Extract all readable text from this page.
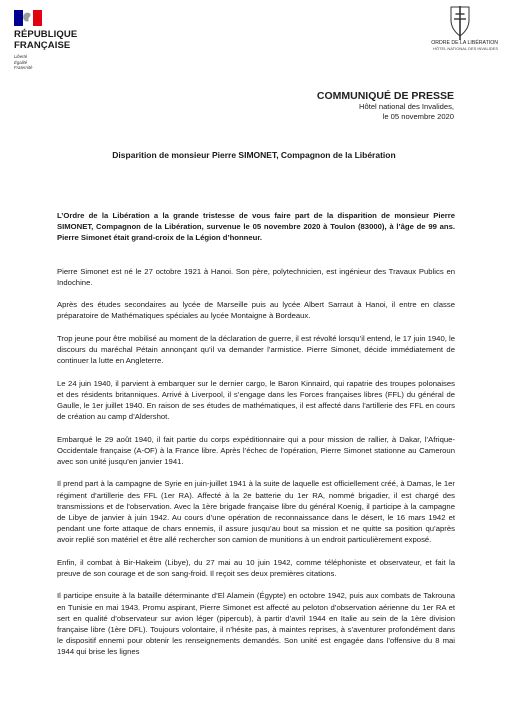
RÉPUBLIQUE
FRANÇAISE
Liberté
Égalité
Fraternité
ORDRE DE LA LIBÉRATION
HÔTEL NATIONAL DES INVALIDES
COMMUNIQUÉ DE PRESSE
Hôtel national des Invalides,
le 05 novembre 2020
Disparition de monsieur Pierre SIMONET, Compagnon de la Libération

L’Ordre de la Libération a la grande tristesse de vous faire part de la disparition de monsieur Pierre SIMONET, Compagnon de la Libération, survenue le 05 novembre 2020 à Toulon (83000), à l’âge de 99 ans. Pierre Simonet était grand-croix de la Légion d’honneur.

Pierre Simonet est né le 27 octobre 1921 à Hanoi. Son père, polytechnicien, est ingénieur des Travaux Publics en Indochine.

Après des études secondaires au lycée de Marseille puis au lycée Albert Sarraut à Hanoi, il entre en classe préparatoire de Mathématiques spéciales au lycée Montaigne à Bordeaux.

Trop jeune pour être mobilisé au moment de la déclaration de guerre, il est révolté lorsqu’il entend, le 17 juin 1940, le discours du maréchal Pétain annonçant qu’il va demander l’armistice. Pierre Simonet, décide immédiatement de continuer la lutte en Angleterre.

Le 24 juin 1940, il parvient à embarquer sur le dernier cargo, le Baron Kinnaird, qui rapatrie des troupes polonaises et des résidents britanniques. Arrivé à Liverpool, il s’engage dans les Forces françaises libres (FFL) du général de Gaulle, le 1er juillet 1940. En raison de ses études de mathématiques, il est affecté dans l’artillerie des FFL en cours de création au camp d’Aldershot.

Embarqué le 29 août 1940, il fait partie du corps expéditionnaire qui a pour mission de rallier, à Dakar, l’Afrique-Occidentale française (A-OF) à la France libre. Après l’échec de l’opération, Pierre Simonet stationne au Cameroun avec son unité jusqu’en janvier 1941.

Il prend part à la campagne de Syrie en juin-juillet 1941 à la suite de laquelle est officiellement créé, à Damas, le 1er régiment d’artillerie des FFL (1er RA). Affecté à la 2e batterie du 1er RA, nommé brigadier, il est chargé des transmissions et de l’observation. Avec la 1ère brigade française libre du général Koenig, il participe à la campagne de Libye de janvier à juin 1942. Au cours d’une opération de reconnaissance dans le désert, le 16 mars 1942 et pendant une forte attaque de chars ennemis, il assure jusqu’au bout sa mission et ne quitte sa position qu’après avoir replié son matériel et être allé rechercher son camion de munitions à un endroit particulièrement exposé.

Enfin, il combat à Bir-Hakeim (Libye), du 27 mai au 10 juin 1942, comme téléphoniste et observateur, et fait la preuve de son courage et de son sang-froid. Il reçoit ses deux premières citations.

Il participe ensuite à la bataille déterminante d’El Alamein (Égypte) en octobre 1942, puis aux combats de Takrouna en Tunisie en mai 1943. Promu aspirant, Pierre Simonet est affecté au peloton d’observation aérienne du 1er RA et sert en qualité d’observateur sur avion léger (pipercub), à partir d’avril 1944 en Italie au sein de la 1ère division française libre (1ère DFL). Toujours volontaire, il n’hésite pas, à maintes reprises, à s’aventurer profondément dans le dispositif ennemi pour obtenir les renseignements demandés. Son unité est engagée dans l’offensive du 8 mai 1944 qui brise les lignes
